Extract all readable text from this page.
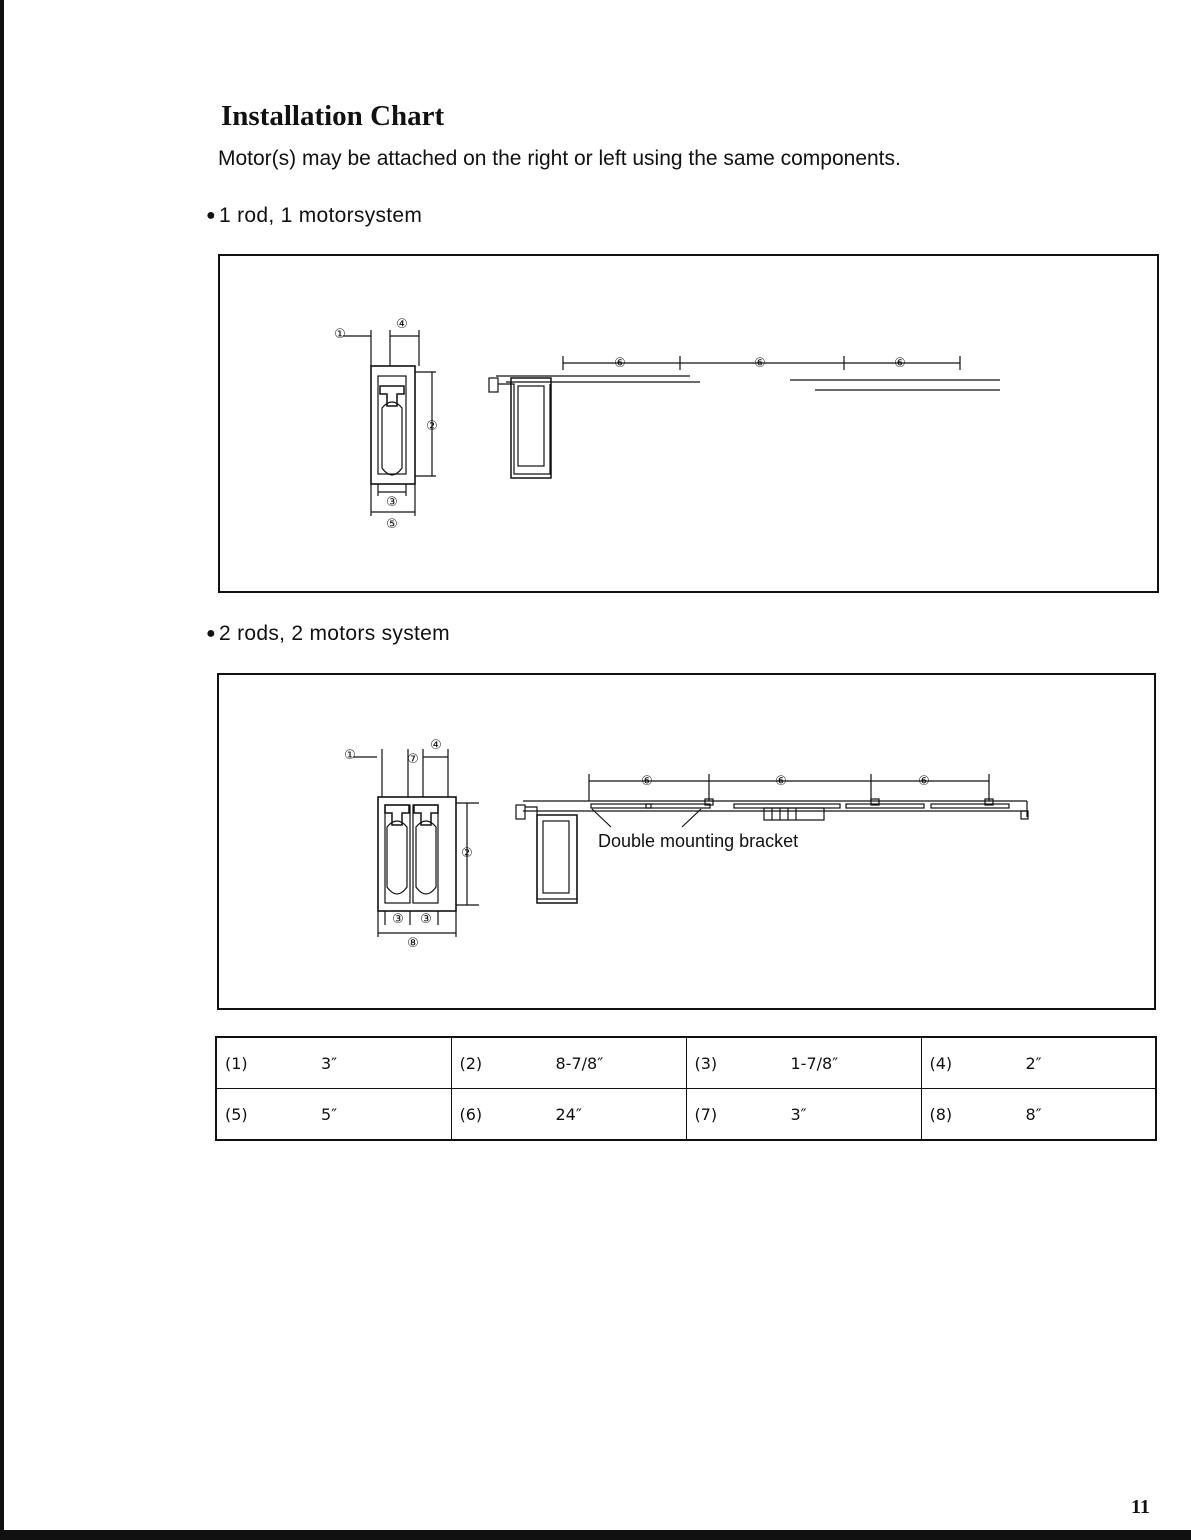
Installation Chart

Motor(s) may be attached on the right or left using the same components.

● 1 rod, 1 motorsystem

①
④
②
③
⑤
⑥	⑥	⑥

● 2 rods, 2 motors system

①	⑦
④
②
③ ③
⑧
⑥	⑥	⑥
Double mounting bracket
(1) 3″	(2) 8-7/8″	(3) 1-7/8″	(4) 2″
(5) 5″	(6) 24″	(7) 3″	(8) 8″

11
